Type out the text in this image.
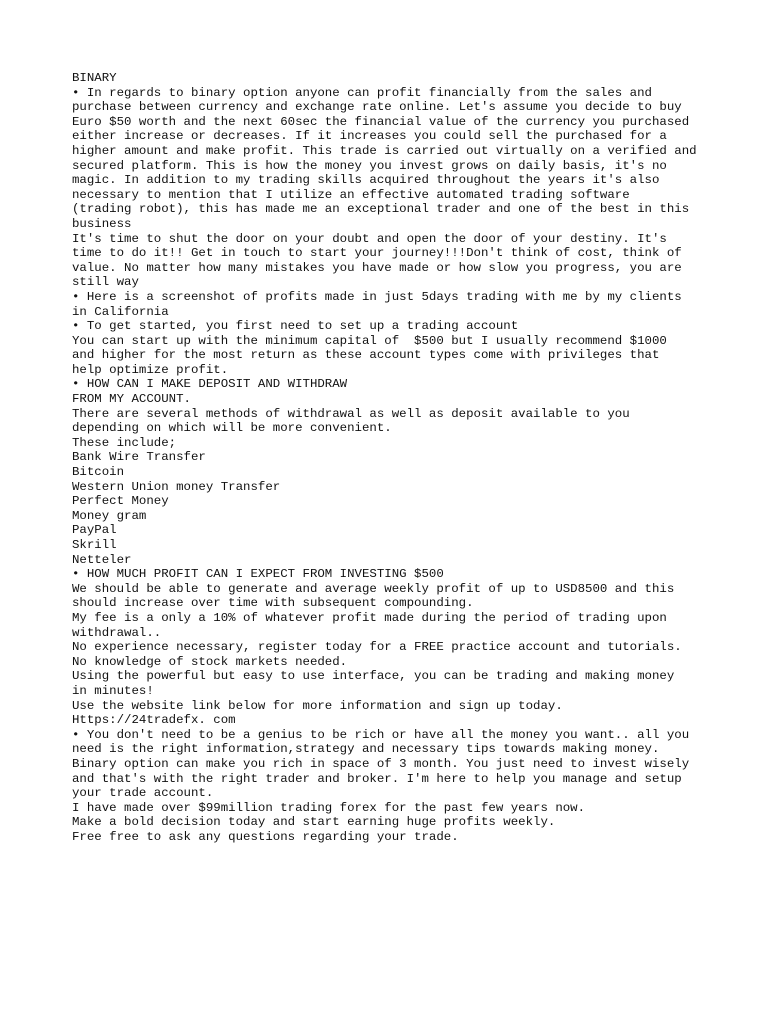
BINARY
• In regards to binary option anyone can profit financially from the sales and
purchase between currency and exchange rate online. Let's assume you decide to buy
Euro $50 worth and the next 60sec the financial value of the currency you purchased
either increase or decreases. If it increases you could sell the purchased for a
higher amount and make profit. This trade is carried out virtually on a verified and
secured platform. This is how the money you invest grows on daily basis, it's no
magic. In addition to my trading skills acquired throughout the years it's also
necessary to mention that I utilize an effective automated trading software
(trading robot), this has made me an exceptional trader and one of the best in this
business
It's time to shut the door on your doubt and open the door of your destiny. It's
time to do it!! Get in touch to start your journey!!!Don't think of cost, think of
value. No matter how many mistakes you have made or how slow you progress, you are
still way
• Here is a screenshot of profits made in just 5days trading with me by my clients
in California
• To get started, you first need to set up a trading account
You can start up with the minimum capital of  $500 but I usually recommend $1000
and higher for the most return as these account types come with privileges that
help optimize profit.
• HOW CAN I MAKE DEPOSIT AND WITHDRAW
FROM MY ACCOUNT.
There are several methods of withdrawal as well as deposit available to you
depending on which will be more convenient.
These include;
Bank Wire Transfer
Bitcoin
Western Union money Transfer
Perfect Money
Money gram
PayPal
Skrill
Netteler
• HOW MUCH PROFIT CAN I EXPECT FROM INVESTING $500
We should be able to generate and average weekly profit of up to USD8500 and this
should increase over time with subsequent compounding.
My fee is a only a 10% of whatever profit made during the period of trading upon
withdrawal..
No experience necessary, register today for a FREE practice account and tutorials.
No knowledge of stock markets needed.
Using the powerful but easy to use interface, you can be trading and making money
in minutes!
Use the website link below for more information and sign up today.
Https://24tradefx. com
• You don't need to be a genius to be rich or have all the money you want.. all you
need is the right information,strategy and necessary tips towards making money.
Binary option can make you rich in space of 3 month. You just need to invest wisely
and that's with the right trader and broker. I'm here to help you manage and setup
your trade account.
I have made over $99million trading forex for the past few years now.
Make a bold decision today and start earning huge profits weekly.
Free free to ask any questions regarding your trade.
